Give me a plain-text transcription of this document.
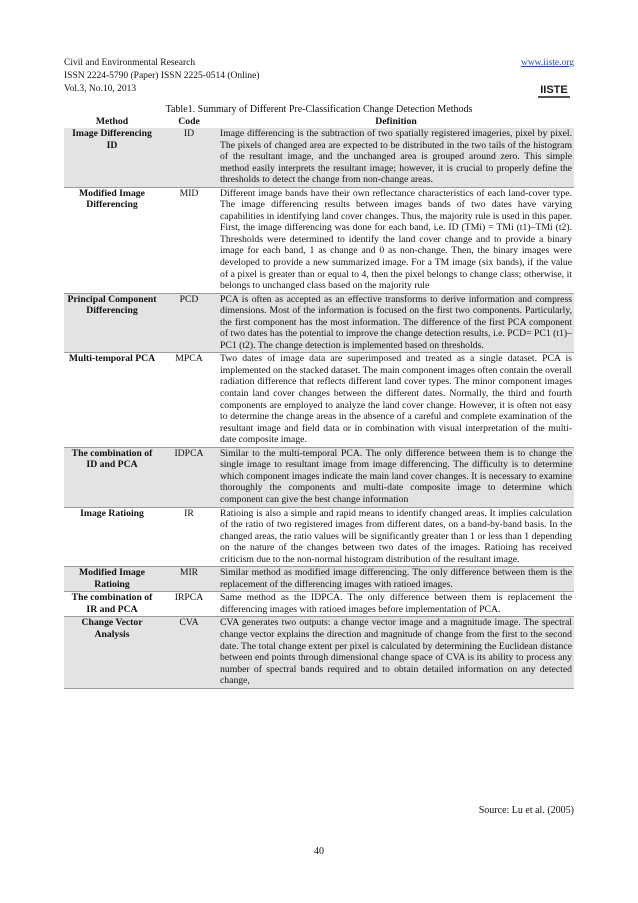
Civil and Environmental Research
ISSN 2224-5790 (Paper) ISSN 2225-0514 (Online)
Vol.3, No.10, 2013
www.iiste.org
IISTE
Table1. Summary of Different Pre-Classification Change Detection Methods
Method	Code	Definition
Image Differencing ID	ID	Image differencing is the subtraction of two spatially registered imageries, pixel by pixel. The pixels of changed area are expected to be distributed in the two tails of the histogram of the resultant image, and the unchanged area is grouped around zero. This simple method easily interprets the resultant image; however, it is crucial to properly define the thresholds to detect the change from non-change areas.
Modified Image Differencing	MID	Different image bands have their own reflectance characteristics of each land-cover type. The image differencing results between images bands of two dates have varying capabilities in identifying land cover changes. Thus, the majority rule is used in this paper. First, the image differencing was done for each band, i.e. ID (TMi) = TMi (t1)–TMi (t2). Thresholds were determined to identify the land cover change and to provide a binary image for each band, 1 as change and 0 as non-change. Then, the binary images were developed to provide a new summarized image. For a TM image (six bands), if the value of a pixel is greater than or equal to 4, then the pixel belongs to change class; otherwise, it belongs to unchanged class based on the majority rule
Principal Component Differencing	PCD	PCA is often as accepted as an effective transforms to derive information and compress dimensions. Most of the information is focused on the first two components. Particularly, the first component has the most information. The difference of the first PCA component of two dates has the potential to improve the change detection results, i.e. PCD= PC1 (t1)–PC1 (t2). The change detection is implemented based on thresholds.
Multi-temporal PCA	MPCA	Two dates of image data are superimposed and treated as a single dataset. PCA is implemented on the stacked dataset. The main component images often contain the overall radiation difference that reflects different land cover types. The minor component images contain land cover changes between the different dates. Normally, the third and fourth components are employed to analyze the land cover change. However, it is often not easy to determine the change areas in the absence of a careful and complete examination of the resultant image and field data or in combination with visual interpretation of the multi-date composite image.
The combination of ID and PCA	IDPCA	Similar to the multi-temporal PCA. The only difference between them is to change the single image to resultant image from image differencing. The difficulty is to determine which component images indicate the main land cover changes. It is necessary to examine thoroughly the components and multi-date composite image to determine which component can give the best change information
Image Ratioing	IR	Ratioing is also a simple and rapid means to identify changed areas. It implies calculation of the ratio of two registered images from different dates, on a band-by-band basis. In the changed areas, the ratio values will be significantly greater than 1 or less than 1 depending on the nature of the changes between two dates of the images. Ratioing has received criticism due to the non-normal histogram distribution of the resultant image.
Modified Image Ratioing	MIR	Similar method as modified image differencing. The only difference between them is the replacement of the differencing images with ratioed images.
The combination of IR and PCA	IRPCA	Same method as the IDPCA. The only difference between them is replacement the differencing images with ratioed images before implementation of PCA.
Change Vector Analysis	CVA	CVA generates two outputs: a change vector image and a magnitude image. The spectral change vector explains the direction and magnitude of change from the first to the second date. The total change extent per pixel is calculated by determining the Euclidean distance between end points through dimensional change space of CVA is its ability to process any number of spectral bands required and to obtain detailed information on any detected change,
Source: Lu et al. (2005)
40
